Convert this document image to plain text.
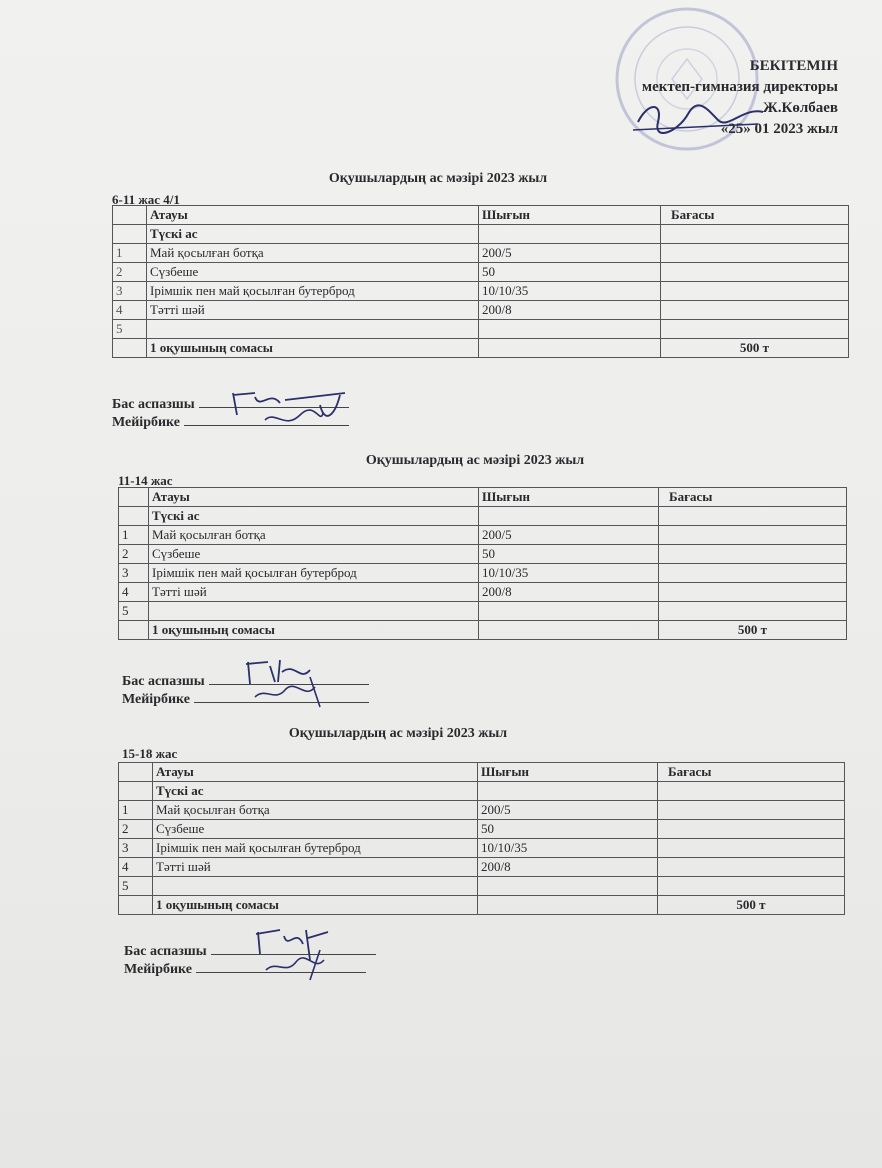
БЕКІТЕМІН
мектеп-гимназия директоры
Ж.Көлбаев
«25» 01 2023 жыл
Оқушылардың ас мәзірі 2023 жыл
6-11 жас 4/1
	Атауы	Шығын	Бағасы
	Түскі ас		
1	Май қосылған ботқа	200/5	
2	Сүзбеше	50	
3	Ірімшік пен май қосылған бутерброд	10/10/35	
4	Тәтті шәй	200/8	
5			
	1 оқушының сомасы		500 т
Бас аспазшы
Мейірбике
Оқушылардың ас мәзірі 2023 жыл
11-14 жас
	Атауы	Шығын	Бағасы
	Түскі ас		
1	Май қосылған ботқа	200/5	
2	Сүзбеше	50	
3	Ірімшік пен май қосылған бутерброд	10/10/35	
4	Тәтті шәй	200/8	
5			
	1 оқушының сомасы		500 т
Бас аспазшы
Мейірбике
Оқушылардың ас мәзірі 2023 жыл
15-18 жас
	Атауы	Шығын	Бағасы
	Түскі ас		
1	Май қосылған ботқа	200/5	
2	Сүзбеше	50	
3	Ірімшік пен май қосылған бутерброд	10/10/35	
4	Тәтті шәй	200/8	
5			
	1 оқушының сомасы		500 т
Бас аспазшы
Мейірбике
